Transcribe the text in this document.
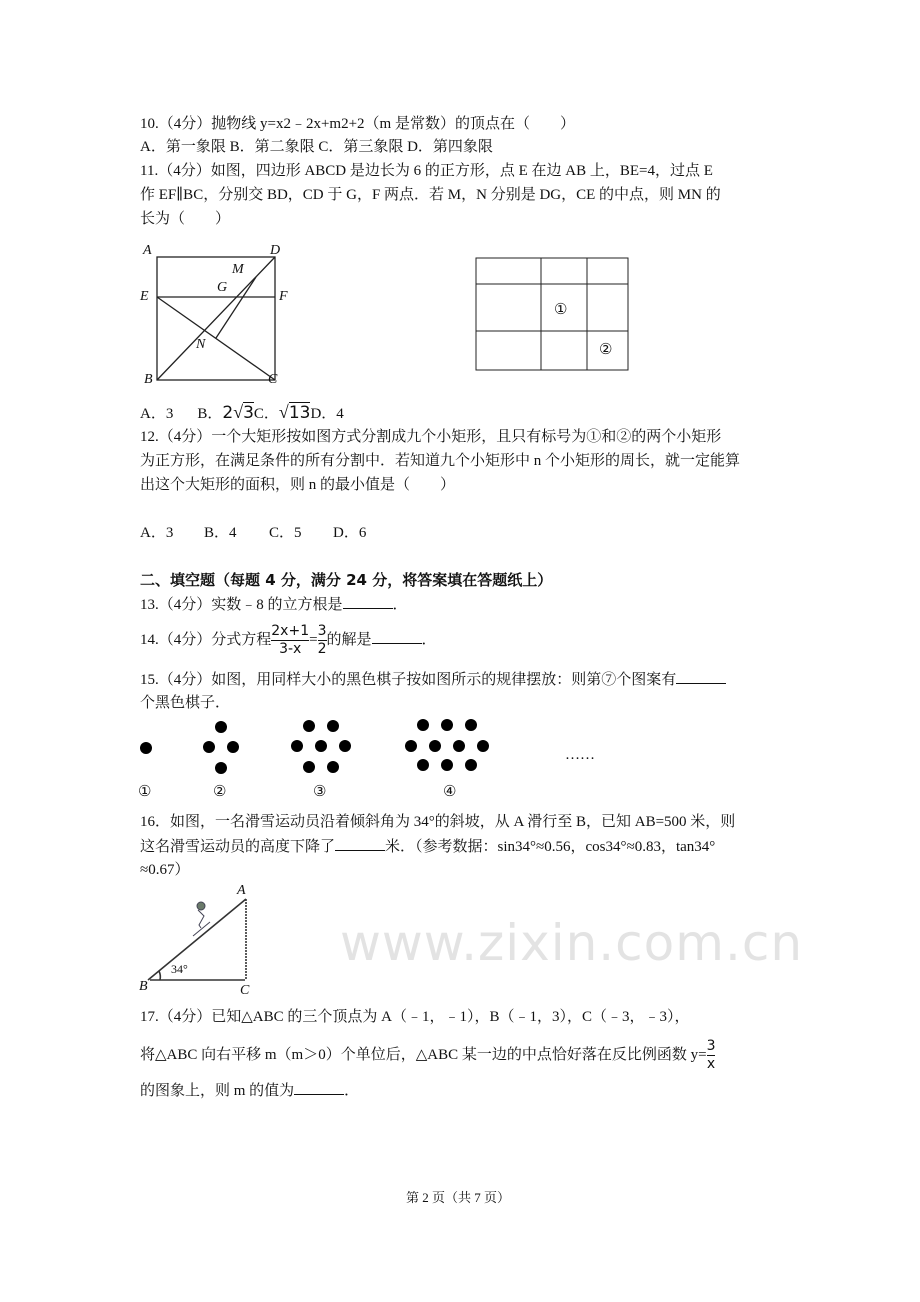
www.zixin.com.cn
10.（4分）抛物线 y=x2﹣2x+m2+2（m 是常数）的顶点在（　　）
A．第一象限 B．第二象限 C．第三象限 D．第四象限
11.（4分）如图，四边形 ABCD 是边长为 6 的正方形，点 E 在边 AB 上，BE=4，过点 E
作 EF∥BC，分别交 BD，CD 于 G，F 两点．若 M，N 分别是 DG，CE 的中点，则 MN 的
长为（　　）
A	D
E	F
G
M
N
B	C
①
②
A．3 B．2√3C．√13D．4
12.（4分）一个大矩形按如图方式分割成九个小矩形，且只有标号为①和②的两个小矩形
为正方形，在满足条件的所有分割中．若知道九个小矩形中 n 个小矩形的周长，就一定能算
出这个大矩形的面积，则 n 的最小值是（　　）
A．3 B．4 C．5 D．6
二、填空题（每题 4 分，满分 24 分，将答案填在答题纸上）
13.（4分）实数﹣8 的立方根是	．
14.（4分）分式方程 $\frac{2x+1}{3-x} = \frac{3}{2}$ 的解是	．
15.（4分）如图，用同样大小的黑色棋子按如图所示的规律摆放：则第⑦个图案有
个黑色棋子．
……
①	②	③	④
16．如图，一名滑雪运动员沿着倾斜角为 34°的斜坡，从 A 滑行至 B，已知 AB=500 米，则
这名滑雪运动员的高度下降了	米．（参考数据：sin34°≈0.56，cos34°≈0.83，tan34°
≈0.67）
A
B	C
34°
17.（4分）已知△ABC 的三个顶点为 A（﹣1，﹣1），B（﹣1，3），C（﹣3，﹣3），
将△ABC 向右平移 m（m＞0）个单位后，△ABC 某一边的中点恰好落在反比例函数 $y= \frac{3}{x}$
的图象上，则 m 的值为	．
第 2 页（共 7 页）
